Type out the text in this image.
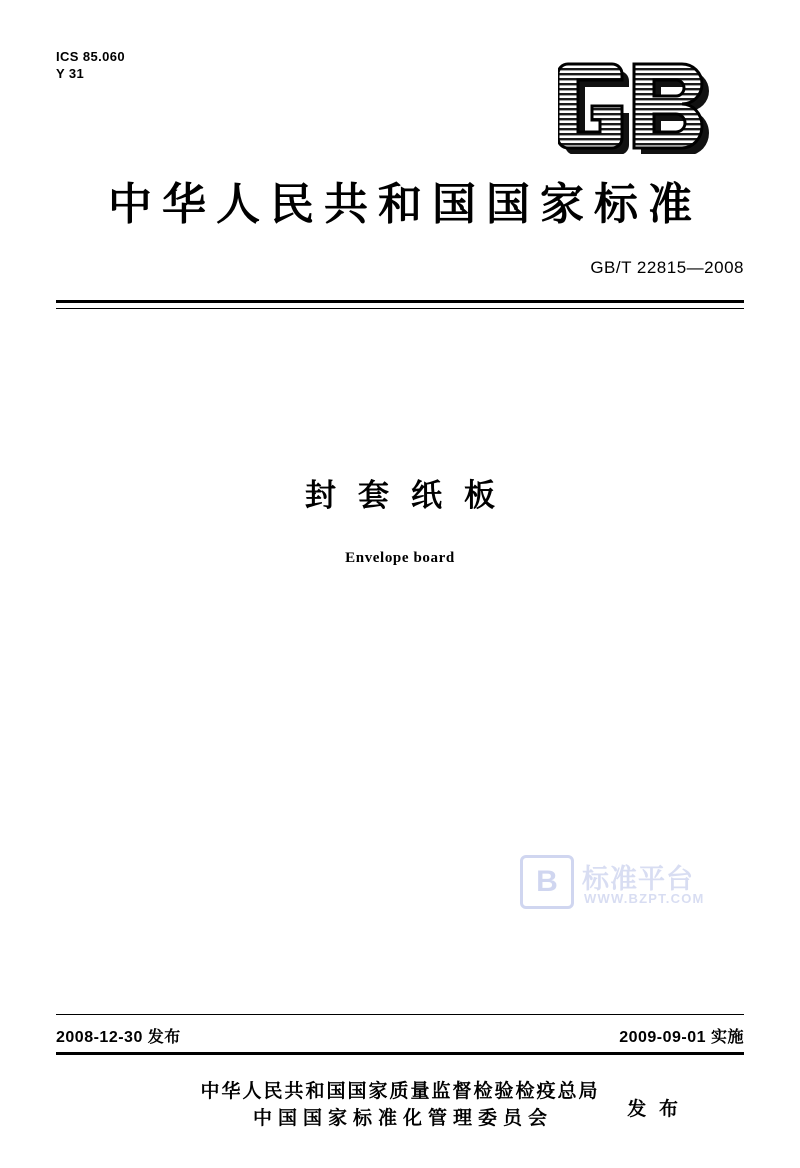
ICS 85.060
Y 31
中华人民共和国国家标准
GB/T 22815—2008
封套纸板
Envelope board
B 标准平台
WWW.BZPT.COM
2008-12-30 发布	2009-09-01 实施
中华人民共和国国家质量监督检验检疫总局
中国国家标准化管理委员会	发 布
